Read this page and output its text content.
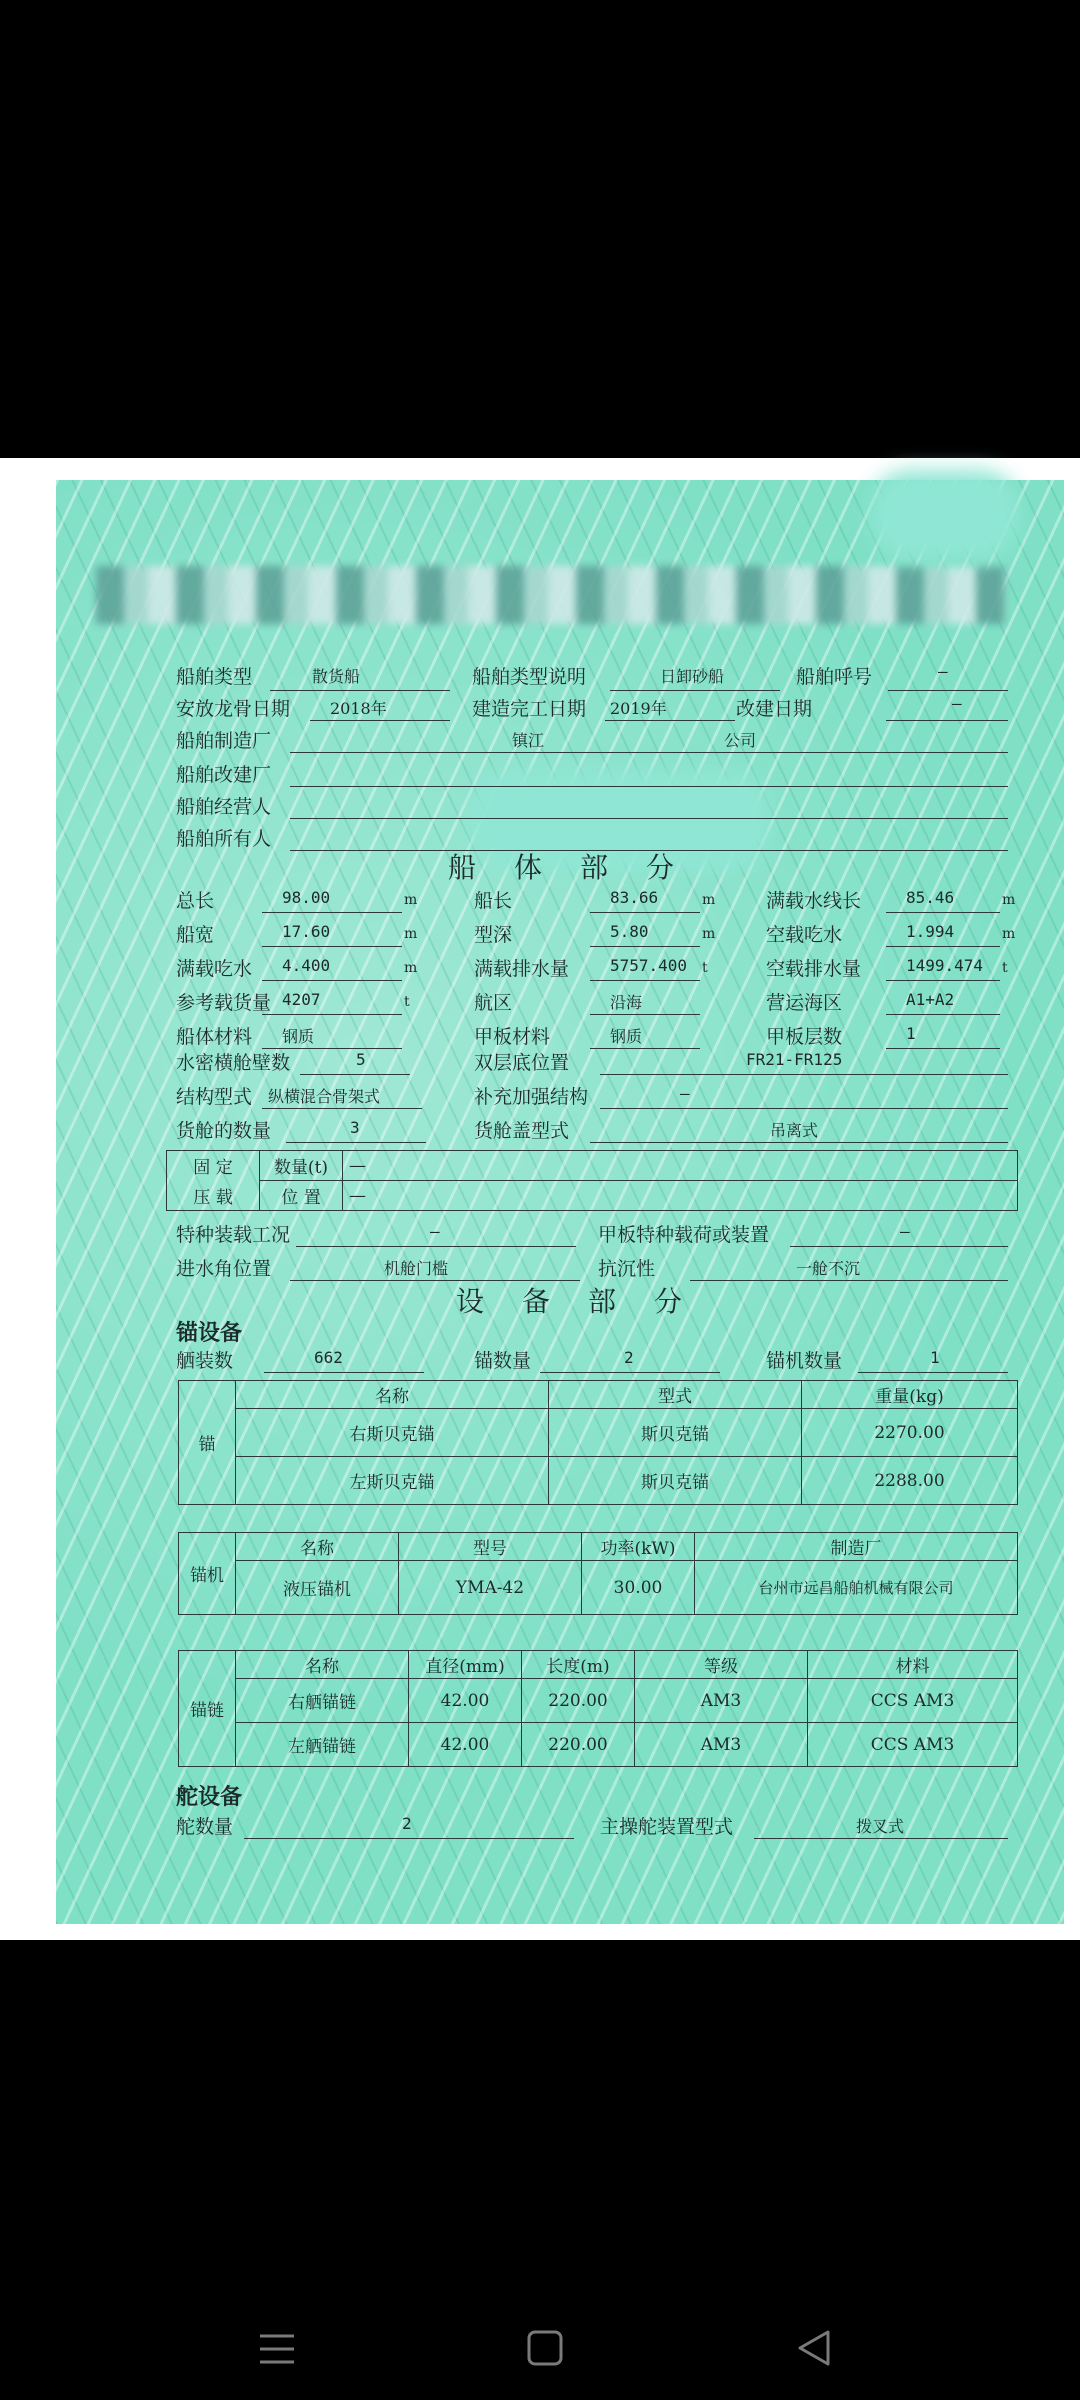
船舶类型	散货船	船舶类型说明	日卸砂船	船舶呼号	—
安放龙骨日期 2018年	建造完工日期 2019年	改建日期	—
船舶制造厂	镇江	公司
船舶改建厂
船舶经营人
船舶所有人
船体部分
总长	98.00	m	船长	83.66	m	满载水线长	85.46	m
船宽	17.60	m	型深	5.80	m	空载吃水	1.994	m
满载吃水 4.400	m	满载排水量	5757.400 t	空载排水量	1499.474 t
参考载货量 4207	t	航区	沿海	营运海区	A1+A2
船体材料 钢质	甲板材料	钢质	甲板层数	1
水密横舱壁数	5	双层底位置	FR21-FR125
结构型式 纵横混合骨架式	补充加强结构	—
货舱的数量	3	货舱盖型式	吊离式
固 定	数量(t)	—
压 载	位 置	—
特种装载工况	—	甲板特种载荷或装置	—
进水角位置	机舱门槛	抗沉性	一舱不沉
设备部分
锚设备
舾装数	662	锚数量	2	锚机数量	1
锚	名称	型式	重量(kg)
	右斯贝克锚	斯贝克锚	2270.00
	左斯贝克锚	斯贝克锚	2288.00
锚机	名称	型号	功率(kW)	制造厂
	液压锚机	YMA-42	30.00	台州市远昌船舶机械有限公司
锚链	名称	直径(mm)	长度(m)	等级	材料
	右舾锚链	42.00	220.00	AM3	CCS AM3
	左舾锚链	42.00	220.00	AM3	CCS AM3
舵设备
舵数量	2	主操舵装置型式	拨叉式
